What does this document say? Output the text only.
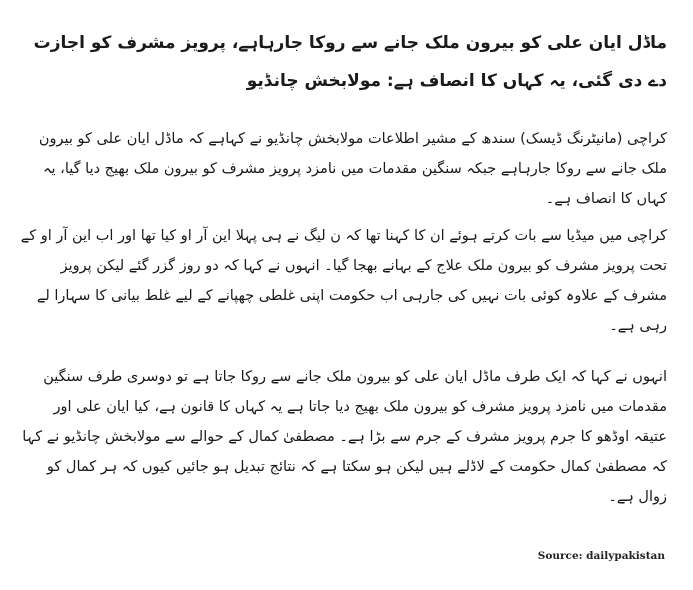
ماڈل ایان علی کو بیرون ملک جانے سے روکا جارہاہے، پرویز مشرف کو اجازت دے دی گئی، یہ کہاں کا انصاف ہے: مولابخش چانڈیو
کراچی (مانیٹرنگ ڈیسک) سندھ کے مشیر اطلاعات مولابخش چانڈیو نے کہاہے کہ ماڈل ایان علی کو بیرون ملک جانے سے روکا جارہاہے جبکہ سنگین مقدمات میں نامزد پرویز مشرف کو بیرون ملک بھیج دیا گیا، یہ کہاں کا انصاف ہے۔
کراچی میں میڈیا سے بات کرتے ہوئے ان کا کہنا تھا کہ ن لیگ نے ہی پہلا این آر او کیا تھا اور اب این آر او کے تحت پرویز مشرف کو بیرون ملک علاج کے بہانے بھجا گیا۔ انہوں نے کہا کہ دو روز گزر گئے لیکن پرویز مشرف کے علاوہ کوئی بات نہیں کی جارہی اب حکومت اپنی غلطی چھپانے کے لیے غلط بیانی کا سہارا لے رہی ہے۔
انہوں نے کہا کہ ایک طرف ماڈل ایان علی کو بیرون ملک جانے سے روکا جاتا ہے تو دوسری طرف سنگین مقدمات میں نامزد پرویز مشرف کو بیرون ملک بھیج دیا جاتا ہے یہ کہاں کا قانون ہے، کیا ایان علی اور عتیقہ اوڈھو کا جرم پرویز مشرف کے جرم سے بڑا ہے۔ مصطفیٰ کمال کے حوالے سے مولابخش چانڈیو نے کہا کہ مصطفیٰ کمال حکومت کے لاڈلے ہیں لیکن ہو سکتا ہے کہ نتائج تبدیل ہو جائیں کیوں کہ ہر کمال کو زوال ہے۔
Source: dailypakistan
